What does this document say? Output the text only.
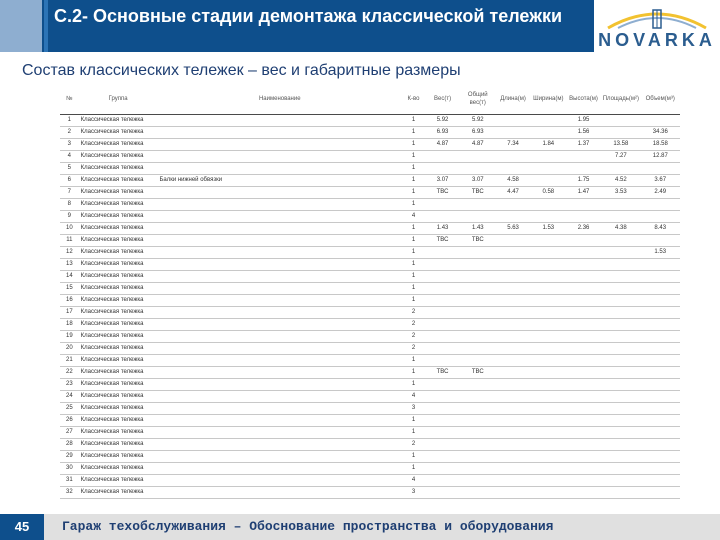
С.2- Основные стадии демонтажа классической тележки
NOVARKA
Состав классических тележек – вес и габаритные размеры
№	Группа	Наименование	К-во	Вес(т)	Общий вес(т)	Длина(м)	Ширина(м)	Высота(м)	Площадь(м²)	Объем(м³)
1	Классическая тележка		1	5.92	5.92			1.95		
2	Классическая тележка		1	6.93	6.93			1.56		34.36
3	Классическая тележка		1	4.87	4.87	7.34	1.84	1.37	13.58	18.58
4	Классическая тележка		1						7.27	12.87
5	Классическая тележка		1							
6	Классическая тележка	Балки нижней обвязки	1	3.07	3.07	4.58		1.75	4.52	3.67
7	Классическая тележка		1	ТВС	ТВС	4.47	0.58	1.47	3.53	2.49
8	Классическая тележка		1							
9	Классическая тележка		4							
10	Классическая тележка		1	1.43	1.43	5.63	1.53	2.36	4.38	8.43
11	Классическая тележка		1	ТВС	ТВС					
12	Классическая тележка		1							1.53
13	Классическая тележка		1							
14	Классическая тележка		1							
15	Классическая тележка		1							
16	Классическая тележка		1							
17	Классическая тележка		2							
18	Классическая тележка		2							
19	Классическая тележка		2							
20	Классическая тележка		2							
21	Классическая тележка		1							
22	Классическая тележка		1	ТВС	ТВС					
23	Классическая тележка		1							
24	Классическая тележка		4							
25	Классическая тележка		3							
26	Классическая тележка		1							
27	Классическая тележка		1							
28	Классическая тележка		2							
29	Классическая тележка		1							
30	Классическая тележка		1							
31	Классическая тележка		4							
32	Классическая тележка		3							
45	Гараж техобслуживания – Обоснование пространства и оборудования
